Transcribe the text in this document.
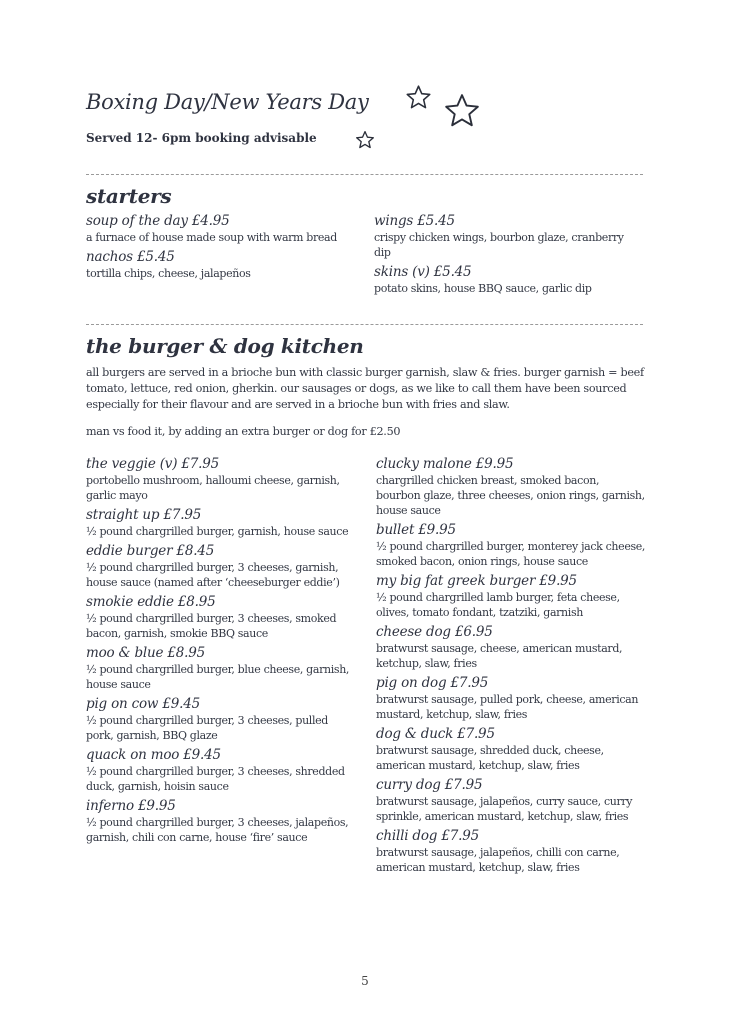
Boxing Day/New Years Day
Served 12- 6pm booking advisable
starters
soup of the day £4.95
a furnace of house made soup with warm bread
nachos £5.45
tortilla chips, cheese, jalapeños
wings £5.45
crispy chicken wings, bourbon glaze, cranberry dip
skins (v) £5.45
potato skins, house BBQ sauce, garlic dip
the burger & dog kitchen

all burgers are served in a brioche bun with classic burger garnish, slaw & fries. burger garnish = beef tomato, lettuce, red onion, gherkin. our sausages or dogs, as we like to call them have been sourced especially for their flavour and are served in a brioche bun with fries and slaw.

man vs food it, by adding an extra burger or dog for £2.50

the veggie (v) £7.95
portobello mushroom, halloumi cheese, garnish, garlic mayo
straight up £7.95
½ pound chargrilled burger, garnish, house sauce
eddie burger £8.45
½ pound chargrilled burger, 3 cheeses, garnish, house sauce (named after ‘cheeseburger eddie’)
smokie eddie £8.95
½ pound chargrilled burger, 3 cheeses, smoked bacon, garnish, smokie BBQ sauce
moo & blue £8.95
½ pound chargrilled burger, blue cheese, garnish, house sauce
pig on cow £9.45
½ pound chargrilled burger, 3 cheeses, pulled pork, garnish, BBQ glaze
quack on moo £9.45
½ pound chargrilled burger, 3 cheeses, shredded duck, garnish, hoisin sauce
inferno £9.95
½ pound chargrilled burger, 3 cheeses, jalapeños, garnish, chili con carne, house ‘fire’ sauce
clucky malone £9.95
chargrilled chicken breast, smoked bacon, bourbon glaze, three cheeses, onion rings, garnish, house sauce
bullet £9.95
½ pound chargrilled burger, monterey jack cheese, smoked bacon, onion rings, house sauce
my big fat greek burger £9.95
½ pound chargrilled lamb burger, feta cheese, olives, tomato fondant, tzatziki, garnish
cheese dog £6.95
bratwurst sausage, cheese, american mustard, ketchup, slaw, fries
pig on dog £7.95
bratwurst sausage, pulled pork, cheese, american mustard, ketchup, slaw, fries
dog & duck £7.95
bratwurst sausage, shredded duck, cheese, american mustard, ketchup, slaw, fries
curry dog £7.95
bratwurst sausage, jalapeños, curry sauce, curry sprinkle, american mustard, ketchup, slaw, fries
chilli dog £7.95
bratwurst sausage, jalapeños, chilli con carne, american mustard, ketchup, slaw, fries
5
